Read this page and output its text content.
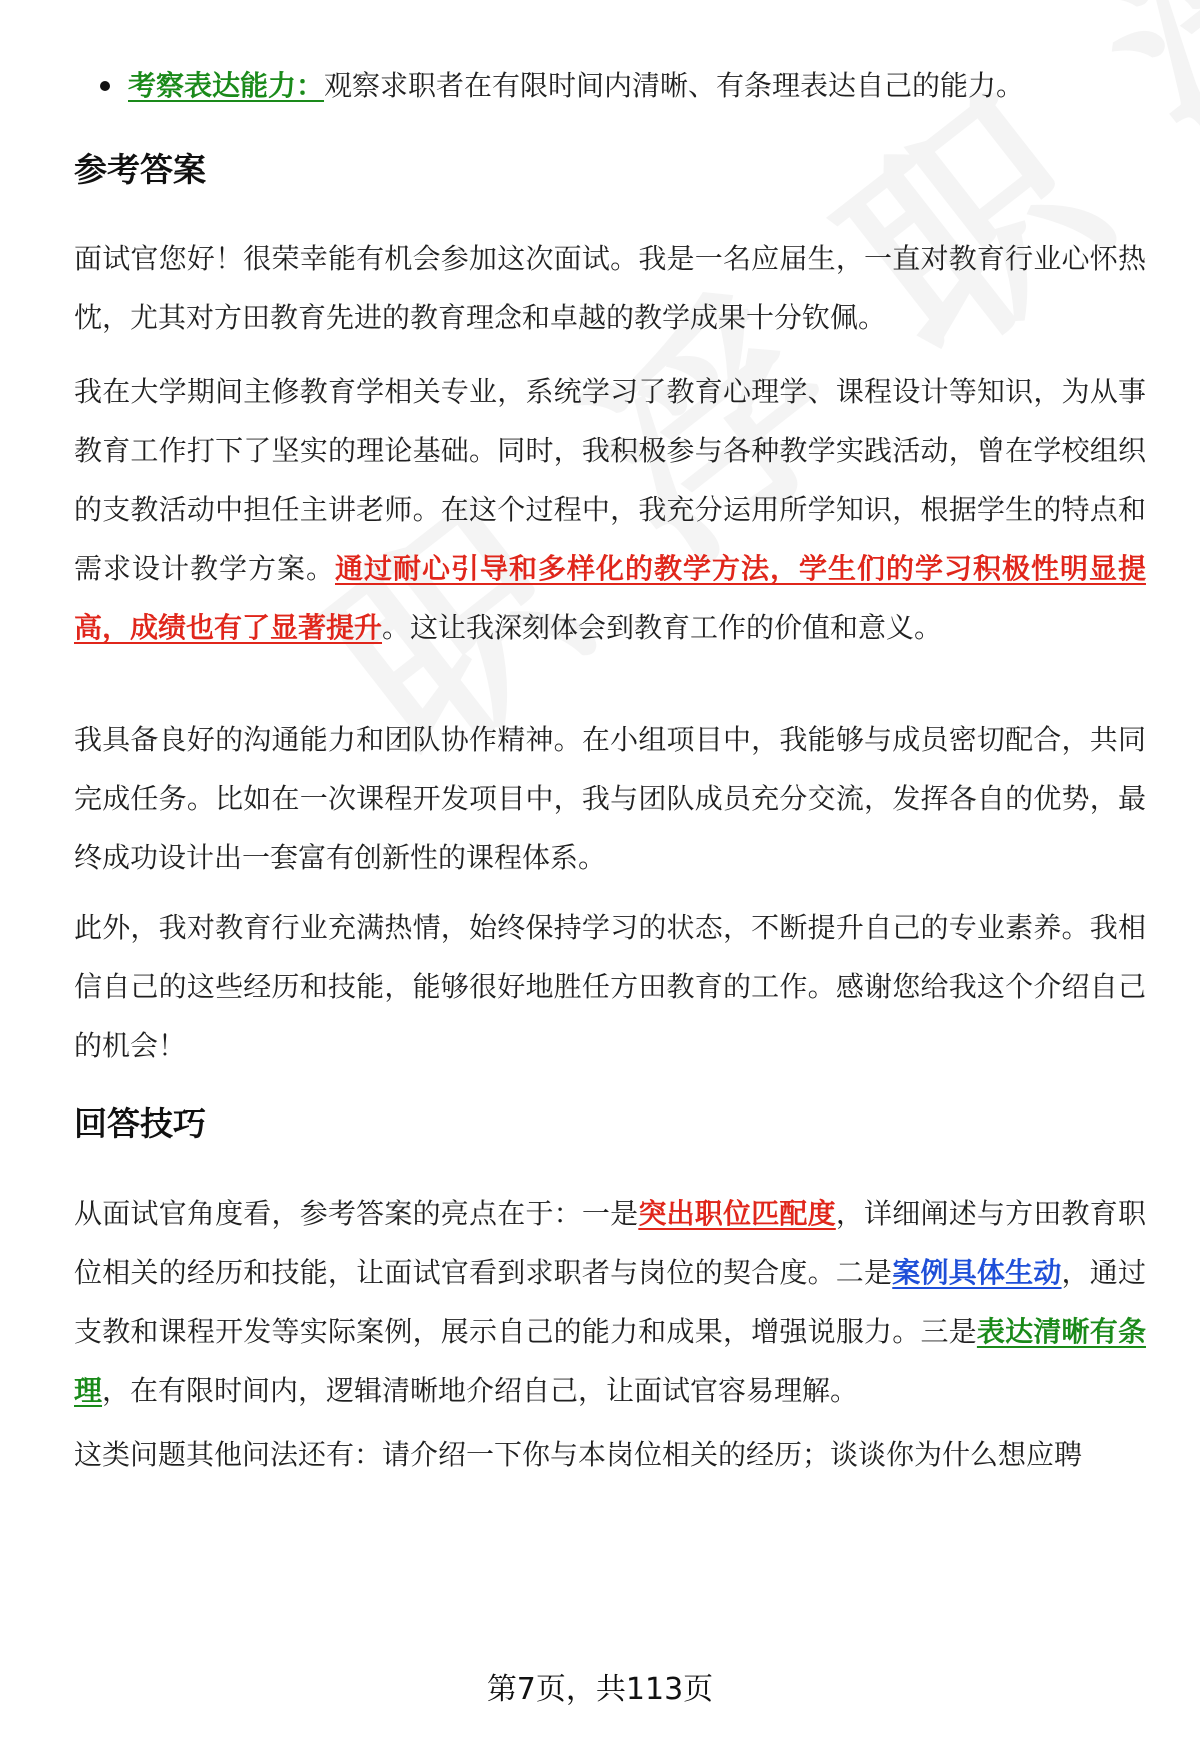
考察表达能力：观察求职者在有限时间内清晰、有条理表达自己的能力。
参考答案

面试官您好！很荣幸能有机会参加这次面试。我是一名应届生，一直对教育行业心怀热忱，尤其对方田教育先进的教育理念和卓越的教学成果十分钦佩。

我在大学期间主修教育学相关专业，系统学习了教育心理学、课程设计等知识，为从事教育工作打下了坚实的理论基础。同时，我积极参与各种教学实践活动，曾在学校组织的支教活动中担任主讲老师。在这个过程中，我充分运用所学知识，根据学生的特点和需求设计教学方案。通过耐心引导和多样化的教学方法，学生们的学习积极性明显提高，成绩也有了显著提升。这让我深刻体会到教育工作的价值和意义。

我具备良好的沟通能力和团队协作精神。在小组项目中，我能够与成员密切配合，共同完成任务。比如在一次课程开发项目中，我与团队成员充分交流，发挥各自的优势，最终成功设计出一套富有创新性的课程体系。

此外，我对教育行业充满热情，始终保持学习的状态，不断提升自己的专业素养。我相信自己的这些经历和技能，能够很好地胜任方田教育的工作。感谢您给我这个介绍自己的机会！

回答技巧

从面试官角度看，参考答案的亮点在于：一是突出职位匹配度，详细阐述与方田教育职位相关的经历和技能，让面试官看到求职者与岗位的契合度。二是案例具体生动，通过支教和课程开发等实际案例，展示自己的能力和成果，增强说服力。三是表达清晰有条理，在有限时间内，逻辑清晰地介绍自己，让面试官容易理解。

这类问题其他问法还有：请介绍一下你与本岗位相关的经历；谈谈你为什么想应聘

第7页，共113页
